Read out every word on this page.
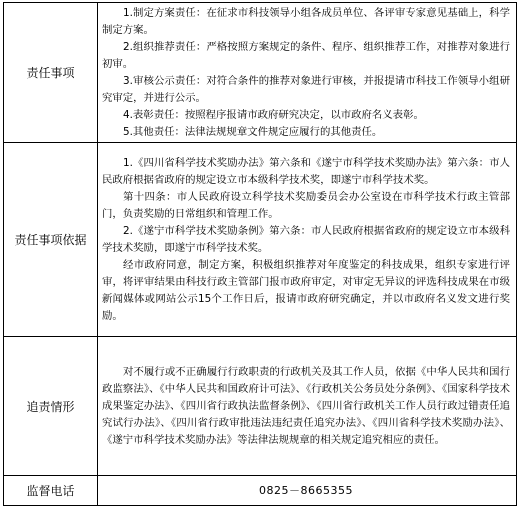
责任事项	1.制定方案责任：在征求市科技领导小组各成员单位、各评审专家意见基础上，科学制定方案。

2.组织推荐责任：严格按照方案规定的条件、程序、组织推荐工作，对推荐对象进行初审。

3.审核公示责任：对符合条件的推荐对象进行审核，并报提请市科技工作领导小组研究审定，并进行公示。

4.表彰责任：按照程序报请市政府研究决定，以市政府名义表彰。

5.其他责任：法律法规规章文件规定应履行的其他责任。

责任事项依据	1.《四川省科学技术奖励办法》第六条和《遂宁市科学技术奖励办法》第六条：市人民政府根据省政府的规定设立市本级科学技术奖，即遂宁市科学技术奖。

第十四条：市人民政府设立科学技术奖励委员会办公室设在市科学技术行政主管部门，负责奖励的日常组织和管理工作。

2.《遂宁市科学技术奖励条例》第六条：市人民政府根据省政府的规定设立市本级科学技术奖励，即遂宁市科学技术奖。

经市政府同意，制定方案，积极组织推荐对年度鉴定的科技成果，组织专家进行评审，将评审结果由科技行政主管部门报市政府审定，对审定无异议的评选科技成果在市级新闻媒体或网站公示15个工作日后，报请市政府研究确定，并以市政府名义发文进行奖励。

追责情形	对不履行或不正确履行行政职责的行政机关及其工作人员，依据《中华人民共和国行政监察法》、《中华人民共和国政府计可法》、《行政机关公务员处分条例》、《国家科学技术成果鉴定办法》、《四川省行政执法监督条例》、《四川省行政机关工作人员行政过错责任追究试行办法》、《四川省行政审批违法违纪责任追究办法》、《四川省科学技术奖励办法》、《遂宁市科学技术奖励办法》等法律法规规章的相关规定追究相应的责任。

监督电话	0825－8665355
